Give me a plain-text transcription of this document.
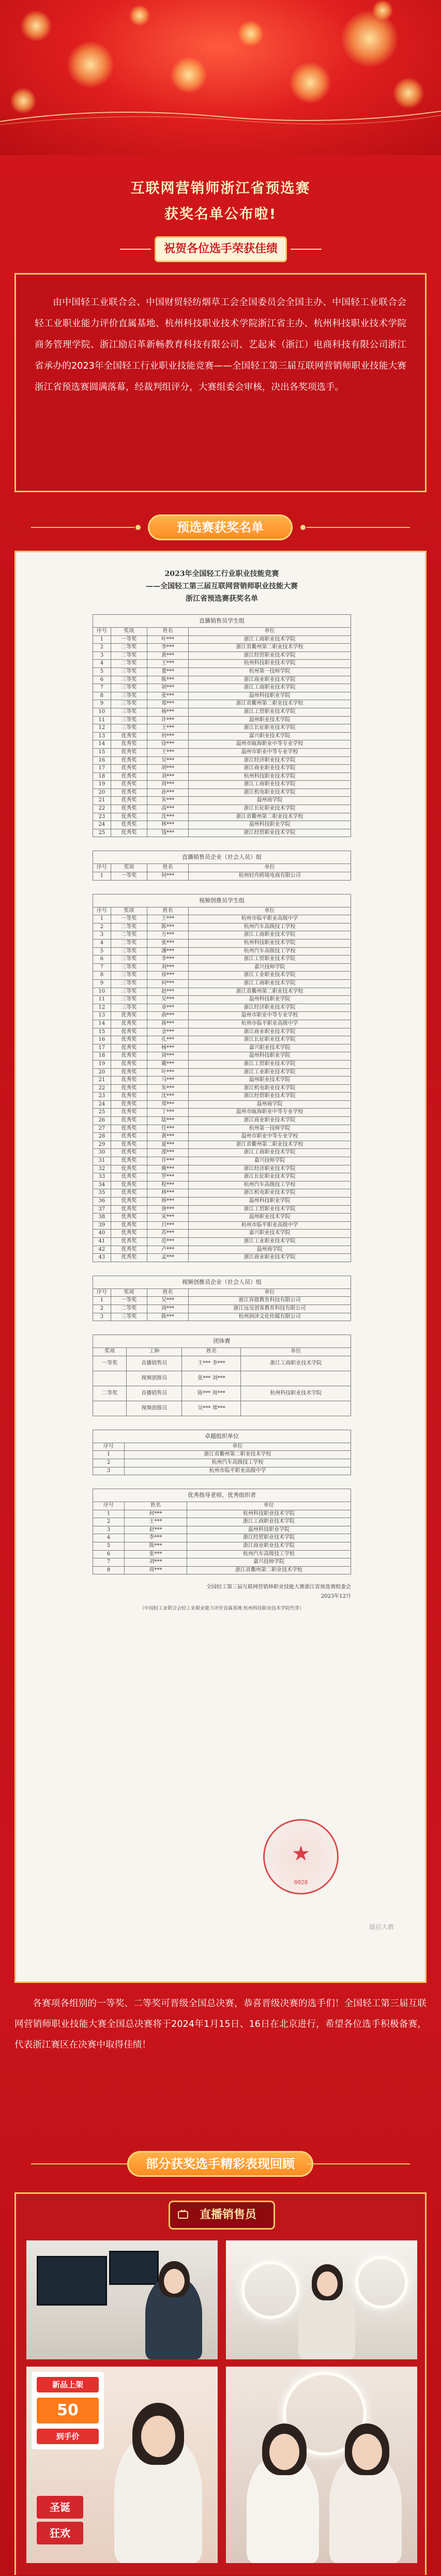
互联网营销师浙江省预选赛
获奖名单公布啦!
祝贺各位选手荣获佳绩

由中国轻工业联合会、中国财贸轻纺烟草工会全国委员会全国主办、中国轻工业联合会轻工业职业能力评价直属基地、杭州科技职业技术学院浙江省主办、杭州科技职业技术学院商务管理学院、浙江励启革新畅教育科技有限公司、艺起来（浙江）电商科技有限公司浙江省承办的2023年全国轻工行业职业技能竞赛——全国轻工第三届互联网营销师职业技能大赛浙江省预选赛圆满落幕，经裁判组评分，大赛组委会审核，决出各奖项选手。

预选赛获奖名单
2023年全国轻工行业职业技能竞赛
——全国轻工第三届互联网营销师职业技能大赛
浙江省预选赛获奖名单
直播销售员学生组			
序号	奖项	姓名	单位
1	一等奖	叶***	浙江工商职业技术学院
2	二等奖	李***	浙江省衢州第二职业技术学校
3	二等奖	黄***	浙江经贸职业技术学院
4	二等奖	王***	杭州科技职业技术学院
5	三等奖	董***	杭州第一技师学院
6	三等奖	陈***	浙江商业职业技术学院
7	三等奖	胡***	浙江工商职业技术学院
8	三等奖	张***	温州科技职业学院
9	三等奖	郑***	浙江省衢州第二职业技术学校
10	三等奖	杨***	浙江工贸职业技术学院
11	三等奖	许***	温州职业技术学院
12	三等奖	王***	浙江长征职业技术学院
13	优秀奖	何***	嘉兴职业技术学院
14	优秀奖	徐***	温州市瓯海职业中等专业学校
15	优秀奖	王***	温州市职业中等专业学校
16	优秀奖	吴***	浙江经济职业技术学院
17	优秀奖	胡***	浙江商业职业技术学院
18	优秀奖	刘***	杭州科技职业技术学院
19	优秀奖	周***	浙江工商职业技术学院
20	优秀奖	孙***	浙江机电职业技术学院
21	优秀奖	朱***	温州商学院
22	优秀奖	高***	浙江长征职业技术学院
23	优秀奖	沈***	浙江省衢州第二职业技术学校
24	优秀奖	林***	温州科技职业学院
25	优秀奖	钱***	浙江经贸职业技术学院
直播销售员企业（社会人员）组			
序号	奖项	姓名	单位
1	一等奖	何***	杭州轻舟跨境电商有限公司
视频创推员学生组			
序号	奖项	姓名	单位
1	一等奖	王***	杭州市临平职业高级中学
2	二等奖	陈***	杭州汽车高级技工学校
3	二等奖	方***	浙江工商职业技术学院
4	二等奖	张***	杭州科技职业技术学院
5	三等奖	潘***	杭州汽车高级技工学校
6	三等奖	李***	浙江工贸职业技术学院
7	三等奖	刘***	嘉兴技师学院
8	三等奖	徐***	浙江工业职业技术学院
9	三等奖	何***	浙江工商职业技术学院
10	三等奖	赵***	浙江省衢州第二职业技术学校
11	三等奖	吴***	温州科技职业学院
12	三等奖	章***	浙江经济职业技术学院
13	优秀奖	俞***	温州市职业中等专业学校
14	优秀奖	蒋***	杭州市临平职业高级中学
15	优秀奖	金***	浙江商业职业技术学院
16	优秀奖	孔***	浙江长征职业技术学院
17	优秀奖	杨***	嘉兴职业技术学院
18	优秀奖	周***	温州科技职业学院
19	优秀奖	戴***	浙江工贸职业技术学院
20	优秀奖	叶***	浙江工业职业技术学院
21	优秀奖	马***	温州职业技术学院
22	优秀奖	朱***	浙江机电职业技术学院
23	优秀奖	沈***	浙江经贸职业技术学院
24	优秀奖	郑***	温州商学院
25	优秀奖	丁***	温州市瓯海职业中等专业学校
26	优秀奖	陆***	浙江商业职业技术学院
27	优秀奖	任***	杭州第一技师学院
28	优秀奖	黄***	温州市职业中等专业学校
29	优秀奖	夏***	浙江省衢州第二职业技术学校
30	优秀奖	邵***	浙江工商职业技术学院
31	优秀奖	许***	嘉兴技师学院
32	优秀奖	姚***	浙江经济职业技术学院
33	优秀奖	罗***	浙江长征职业技术学院
34	优秀奖	程***	杭州汽车高级技工学校
35	优秀奖	林***	浙江机电职业技术学院
36	优秀奖	韩***	温州科技职业学院
37	优秀奖	唐***	浙江工贸职业技术学院
38	优秀奖	宋***	温州职业技术学院
39	优秀奖	吕***	杭州市临平职业高级中学
40	优秀奖	苏***	嘉兴职业技术学院
41	优秀奖	范***	浙江工业职业技术学院
42	优秀奖	卢***	温州商学院
43	优秀奖	孟***	浙江商业职业技术学院
视频创推员企业（社会人员）组			
序号	奖项	姓名	单位
1	一等奖	吴***	浙江容德教育科技有限公司
2	二等奖	周***	浙江远见创客教育科技有限公司
3	三等奖	陈***	杭州润泽文化传媒有限公司
团体赛			
奖项	工种	姓名	单位
一等奖	直播销售员	王*** 李***	浙江工商职业技术学院
	视频创推员	张*** 刘***	
二等奖	直播销售员	陈*** 周***	杭州科技职业技术学院
	视频创推员	吴*** 郑***	
卓越组织单位	
序号	单位
1	浙江省衢州第二职业技术学校
2	杭州汽车高级技工学校
3	杭州市临平职业高级中学
优秀指导老师、优秀组织者		
序号	姓名	单位
1	何***	杭州科技职业技术学院
2	王***	浙江工商职业技术学院
3	赵***	温州科技职业学院
4	李***	浙江经贸职业技术学院
5	陈***	浙江商业职业技术学院
6	张***	杭州汽车高级技工学校
7	刘***	嘉兴技师学院
8	周***	浙江省衢州第二职业技术学校
全国轻工第三届互联网营销师职业技能大赛浙江省预选赛组委会
2023年12月
（中国轻工业联合会轻工业职业能力评价直属基地 杭州科技职业技术学院代章）
★
0028
励启大教

各赛项各组别的一等奖、二等奖可晋级全国总决赛，恭喜晋级决赛的选手们！全国轻工第三届互联网营销师职业技能大赛全国总决赛将于2024年1月15日、16日在北京进行，希望各位选手积极备赛，代表浙江赛区在决赛中取得佳绩！

部分获奖选手精彩表现回顾
直播销售员
新品上架
50
到手价
圣诞
狂欢
